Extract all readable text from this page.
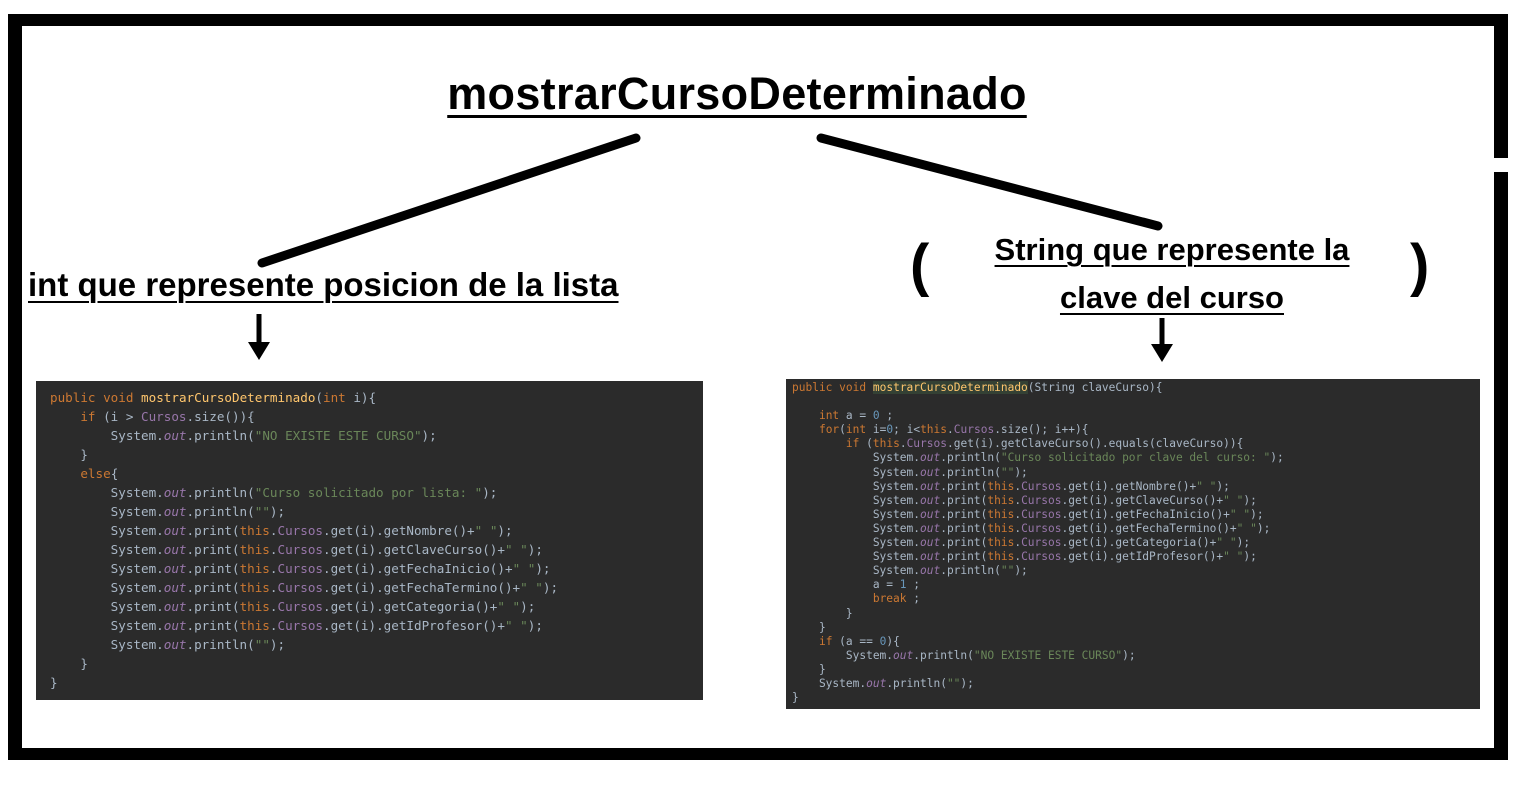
mostrarCursoDeterminado
int que represente posicion de la lista	(	String que represente la
clave del curso	)
public void mostrarCursoDeterminado(int i){
if (i > Cursos.size()){
System.out.println("NO EXISTE ESTE CURSO");
}
else{
System.out.println("Curso solicitado por lista: ");
System.out.println("");
System.out.print(this.Cursos.get(i).getNombre()+" ");
System.out.print(this.Cursos.get(i).getClaveCurso()+" ");
System.out.print(this.Cursos.get(i).getFechaInicio()+" ");
System.out.print(this.Cursos.get(i).getFechaTermino()+" ");
System.out.print(this.Cursos.get(i).getCategoria()+" ");
System.out.print(this.Cursos.get(i).getIdProfesor()+" ");
System.out.println("");
}
}
public void mostrarCursoDeterminado(String claveCurso){

int a = 0 ;
for(int i=0; i<this.Cursos.size(); i++){
if (this.Cursos.get(i).getClaveCurso().equals(claveCurso)){
System.out.println("Curso solicitado por clave del curso: ");
System.out.println("");
System.out.print(this.Cursos.get(i).getNombre()+" ");
System.out.print(this.Cursos.get(i).getClaveCurso()+" ");
System.out.print(this.Cursos.get(i).getFechaInicio()+" ");
System.out.print(this.Cursos.get(i).getFechaTermino()+" ");
System.out.print(this.Cursos.get(i).getCategoria()+" ");
System.out.print(this.Cursos.get(i).getIdProfesor()+" ");
System.out.println("");
a = 1 ;
break ;
}
}
if (a == 0){
System.out.println("NO EXISTE ESTE CURSO");
}
System.out.println("");
}
